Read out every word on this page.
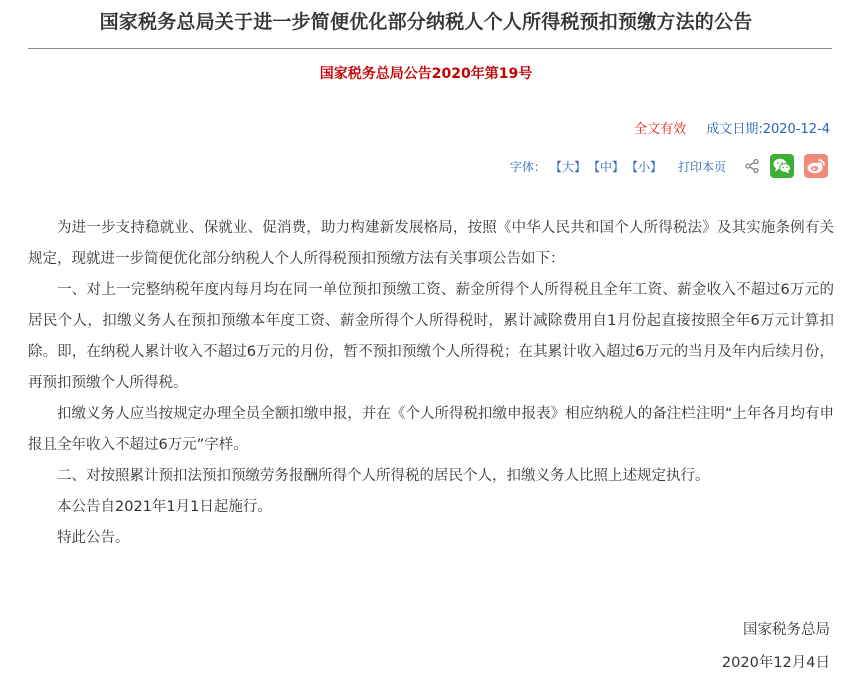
国家税务总局关于进一步简便优化部分纳税人个人所得税预扣预缴方法的公告
国家税务总局公告2020年第19号
全文有效 成文日期:2020-12-4
字体： 【大】 【中】 【小】 打印本页

为进一步支持稳就业、保就业、促消费，助力构建新发展格局，按照《中华人民共和国个人所得税法》及其实施条例有关规定，现就进一步简便优化部分纳税人个人所得税预扣预缴方法有关事项公告如下：

一、对上一完整纳税年度内每月均在同一单位预扣预缴工资、薪金所得个人所得税且全年工资、薪金收入不超过6万元的居民个人，扣缴义务人在预扣预缴本年度工资、薪金所得个人所得税时，累计减除费用自1月份起直接按照全年6万元计算扣除。即，在纳税人累计收入不超过6万元的月份，暂不预扣预缴个人所得税；在其累计收入超过6万元的当月及年内后续月份，再预扣预缴个人所得税。

扣缴义务人应当按规定办理全员全额扣缴申报，并在《个人所得税扣缴申报表》相应纳税人的备注栏注明“上年各月均有申报且全年收入不超过6万元”字样。

二、对按照累计预扣法预扣预缴劳务报酬所得个人所得税的居民个人，扣缴义务人比照上述规定执行。

本公告自2021年1月1日起施行。

特此公告。

国家税务总局
2020年12月4日
